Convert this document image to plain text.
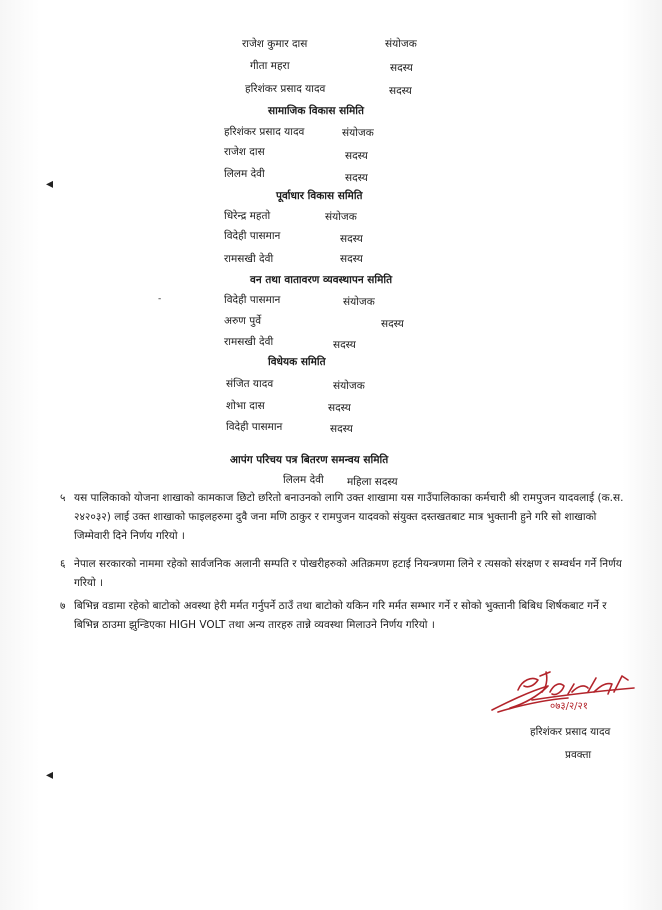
राजेश कुमार दास	संयोजक
गीता महरा	सदस्य
हरिशंकर प्रसाद यादव	सदस्य
सामाजिक विकास समिति
हरिशंकर प्रसाद यादव	संयोजक
राजेश दास	सदस्य
लिलम देवी	सदस्य
पूर्वाधार विकास समिति
धिरेन्द्र महतो	संयोजक
विदेही पासमान	सदस्य
रामसखी देवी	सदस्य
वन तथा वातावरण व्यवस्थापन समिति
विदेही पासमान	संयोजक
अरुण पुर्वे	सदस्य
रामसखी देवी	सदस्य
विधेयक समिति
संजित यादव	संयोजक
शोभा दास	सदस्य
विदेही पासमान	सदस्य
आपंग परिचय पत्र बितरण समन्वय समिति
लिलम देवी महिला सदस्य
५ यस पालिकाको योजना शाखाको कामकाज छिटो छरितो बनाउनको लागि उक्त शाखामा यस गाउँपालिकाका कर्मचारी श्री रामपुजन यादवलाई (क.स. २४२०३२) लाई उक्त शाखाको फाइलहरुमा दुवै जना मणि ठाकुर र रामपुजन यादवको संयुक्त दस्तखतबाट मात्र भुक्तानी हुने गरि सो शाखाको जिम्मेवारी दिने निर्णय गरियो ।
६ नेपाल सरकारको नाममा रहेको सार्वजनिक अलानी सम्पति र पोखरीहरुको अतिक्रमण हटाई नियन्त्रणमा लिने र त्यसको संरक्षण र सम्वर्धन गर्ने निर्णय गरियो ।
७ बिभिन्न वडामा रहेको बाटोको अवस्था हेरी मर्मत गर्नुपर्ने ठाउँ तथा बाटोको यकिन गरि मर्मत सम्भार गर्ने र सोको भुक्तानी बिबिध शिर्षकबाट गर्ने र बिभिन्न ठाउमा झुन्डिएका HIGH VOLT तथा अन्य तारहरु तान्ने व्यवस्था मिलाउने निर्णय गरियो ।
०७३/२/२१
हरिशंकर प्रसाद यादव
प्रवक्ता
◂
◂
-
